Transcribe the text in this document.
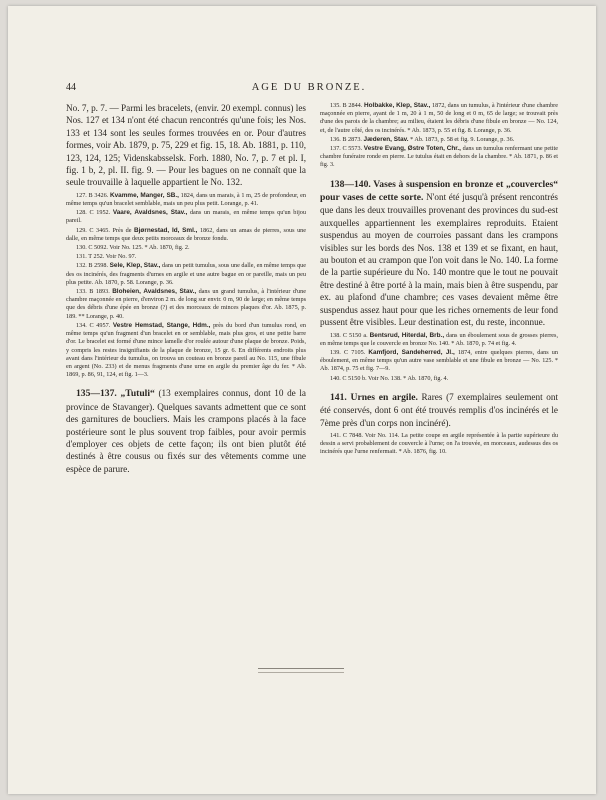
44	AGE DU BRONZE.

No. 7, p. 7. — Parmi les bracelets, (envir. 20 exempl. connus) les Nos. 127 et 134 n'ont été chacun rencontrés qu'une fois; les Nos. 133 et 134 sont les seules formes trouvées en or. Pour d'autres formes, voir Ab. 1879, p. 75, 229 et fig. 15, 18. Ab. 1881, p. 110, 123, 124, 125; Videnskabsselsk. Forh. 1880, No. 7, p. 7 et pl. I, fig. 1 b, 2, pl. II. fig. 9. — Pour les bagues on ne connaît que la seule trouvaille à laquelle appartient le No. 132.

127. B 3426. Kvamme, Manger, SB., 1824, dans un marais, à 1 m, 25 de profondeur, en même temps qu'un bracelet semblable, mais un peu plus petit. Lorange, p. 41.

128. C 1952. Vaare, Avaldsnes, Stav., dans un marais, en même temps qu'un bijou pareil.

129. C 3465. Près de Bjørnestad, Id, Sml., 1862, dans un amas de pierres, sous une dalle, en même temps que deux petits morceaux de bronze fondu.

130. C 5092. Voir No. 125. * Ab. 1870, fig. 2.

131. T 252. Voir No. 97.

132. B 2598. Sele, Klep, Stav., dans un petit tumulus, sous une dalle, en même temps que des os incinérés, des fragments d'urnes en argile et une autre bague en or pareille, mais un peu plus petite. Ab. 1870, p. 58. Lorange, p. 36.

133. B 1893. Bloheien, Avaldsnes, Stav., dans un grand tumulus, à l'intérieur d'une chambre maçonnée en pierre, d'environ 2 m. de long sur envir. 0 m, 90 de large; en même temps que des débris d'une épée en bronze (?) et des morceaux de minces plaques d'or. Ab. 1875, p. 189. ** Lorange, p. 40.

134. C 4957. Vestre Hemstad, Stange, Hdm., près du bord d'un tumulus rond, en même temps qu'un fragment d'un bracelet en or semblable, mais plus gros, et une petite barre d'or. Le bracelet est formé d'une mince lamelle d'or roulée autour d'une plaque de bronze. Poids, y compris les restes insignifiants de la plaque de bronze, 15 gr. 6. En différents endroits plus avant dans l'intérieur du tumulus, on trouva un couteau en bronze pareil au No. 115, une fibule en argent (No. 233) et de menus fragments d'une urne en argile du premier âge du fer. * Ab. 1869, p. 86, 91, 124, et fig. 1—3.

135—137. „Tutuli“ (13 exemplaires connus, dont 10 de la province de Stavanger). Quelques savants admettent que ce sont des garnitures de boucliers. Mais les crampons placés à la face postérieure sont le plus souvent trop faibles, pour avoir permis d'employer ces objets de cette façon; ils ont bien plutôt été destinés à être cousus ou fixés sur des vêtements comme une espèce de parure.

135. B 2844. Holbakke, Klep, Stav., 1872, dans un tumulus, à l'intérieur d'une chambre maçonnée en pierre, ayant de 1 m, 20 à 1 m, 50 de long et 0 m, 65 de large; se trouvait près d'une des parois de la chambre; au milieu, étaient les débris d'une fibule en bronze — No. 124, et, de l'autre côté, des os incinérés. * Ab. 1873, p. 55 et fig. 8. Lorange, p. 36.

136. B 2873. Jæderen, Stav. * Ab. 1873, p. 58 et fig. 9. Lorange, p. 36.

137. C 5573. Vestre Evang, Østre Toten, Chr., dans un tumulus renfermant une petite chambre funéraire ronde en pierre. Le tutulus était en dehors de la chambre. * Ab. 1871, p. 86 et fig. 3.

138—140. Vases à suspension en bronze et „couvercles“ pour vases de cette sorte. N'ont été jusqu'à présent rencontrés que dans les deux trouvailles provenant des provinces du sud-est auxquelles appartiennent les exemplaires reproduits. Etaient suspendus au moyen de courroies passant dans les crampons visibles sur les bords des Nos. 138 et 139 et se fixant, en haut, au bouton et au crampon que l'on voit dans le No. 140. La forme de la partie supérieure du No. 140 montre que le tout ne pouvait être destiné à être porté à la main, mais bien à être suspendu, par ex. au plafond d'une chambre; ces vases devaient même être suspendus assez haut pour que les riches ornements de leur fond pussent être visibles. Leur destination est, du reste, inconnue.

138. C 5150 a. Bentsrud, Hiterdal, Brb., dans un éboulement sous de grosses pierres, en même temps que le couvercle en bronze No. 140. * Ab. 1870, p. 74 et fig. 4.

139. C 7105. Kamfjord, Sandeherred, Jl., 1874, entre quelques pierres, dans un éboulement, en même temps qu'un autre vase semblable et une fibule en bronze — No. 125. * Ab. 1874, p. 75 et fig. 7—9.

140. C 5150 b. Voir No. 138. * Ab. 1870, fig. 4.

141. Urnes en argile. Rares (7 exemplaires seulement ont été conservés, dont 6 ont été trouvés remplis d'os incinérés et le 7ème près d'un corps non incinéré).

141. C 7848. Voir No. 114. La petite coupe en argile représentée à la partie supérieure du dessin a servi probablement de couvercle à l'urne; on l'a trouvée, en morceaux, audessus des os incinérés que l'urne renfermait. * Ab. 1876, fig. 10.
